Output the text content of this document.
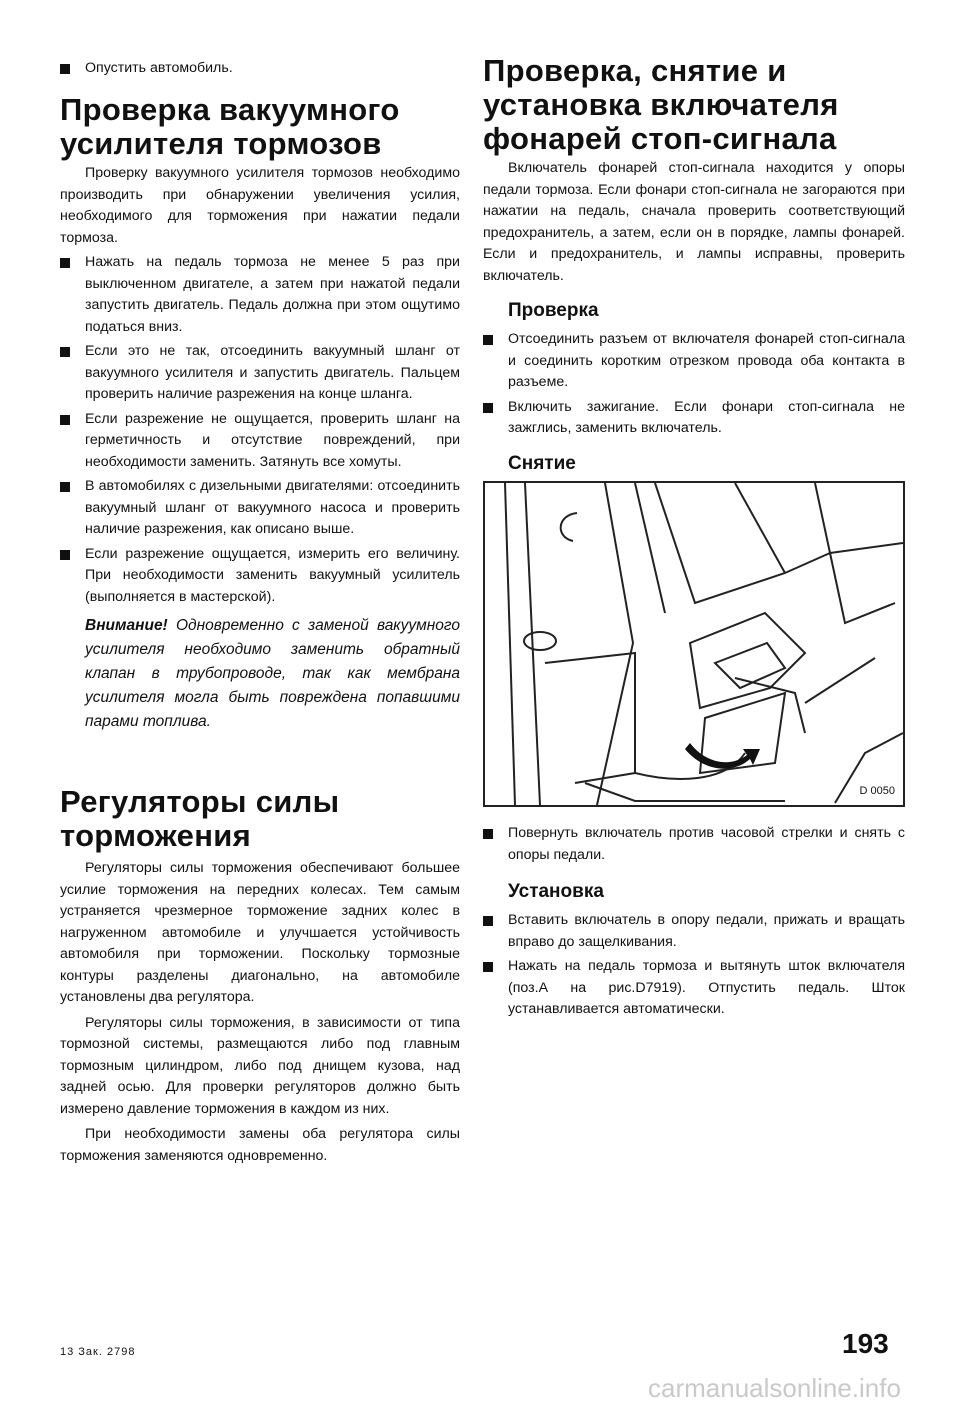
Опустить автомобиль.
Проверка вакуумного
усилителя тормозов

Проверку вакуумного усилителя тормозов необходимо производить при обнаружении увеличения усилия, необходимого для торможения при нажатии педали тормоза.

Нажать на педаль тормоза не менее 5 раз при выключенном двигателе, а затем при нажатой педали запустить двигатель. Педаль должна при этом ощутимо податься вниз.
Если это не так, отсоединить вакуумный шланг от вакуумного усилителя и запустить двигатель. Пальцем проверить наличие разрежения на конце шланга.
Если разрежение не ощущается, проверить шланг на герметичность и отсутствие повреждений, при необходимости заменить. Затянуть все хомуты.
В автомобилях с дизельными двигателями: отсоединить вакуумный шланг от вакуумного насоса и проверить наличие разрежения, как описано выше.
Если разрежение ощущается, измерить его величину. При необходимости заменить вакуумный усилитель (выполняется в мастерской).

Внимание! Одновременно с заменой вакуумного усилителя необходимо заменить обратный клапан в трубопроводе, так как мембрана усилителя могла быть повреждена попавшими парами топлива.

Регуляторы силы
торможения

Регуляторы силы торможения обеспечивают большее усилие торможения на передних колесах. Тем самым устраняется чрезмерное торможение задних колес в нагруженном автомобиле и улучшается устойчивость автомобиля при торможении. Поскольку тормозные контуры разделены диагонально, на автомобиле установлены два регулятора.

Регуляторы силы торможения, в зависимости от типа тормозной системы, размещаются либо под главным тормозным цилиндром, либо под днищем кузова, над задней осью. Для проверки регуляторов должно быть измерено давление торможения в каждом из них.

При необходимости замены оба регулятора силы торможения заменяются одновременно.

Проверка, снятие и
установка включателя
фонарей стоп-сигнала

Включатель фонарей стоп-сигнала находится у опоры педали тормоза. Если фонари стоп-сигнала не загораются при нажатии на педаль, сначала проверить соответствующий предохранитель, а затем, если он в порядке, лампы фонарей. Если и предохранитель, и лампы исправны, проверить включатель.

Проверка
Отсоединить разъем от включателя фонарей стоп-сигнала и соединить коротким отрезком провода оба контакта в разъеме.
Включить зажигание. Если фонари стоп-сигнала не зажглись, заменить включатель.
Снятие
D 0050
Повернуть включатель против часовой стрелки и снять с опоры педали.
Установка
Вставить включатель в опору педали, прижать и вращать вправо до защелкивания.
Нажать на педаль тормоза и вытянуть шток включателя (поз.А на рис.D7919). Отпустить педаль. Шток устанавливается автоматически.
13 Зак. 2798	193
carmanualsonline.info
